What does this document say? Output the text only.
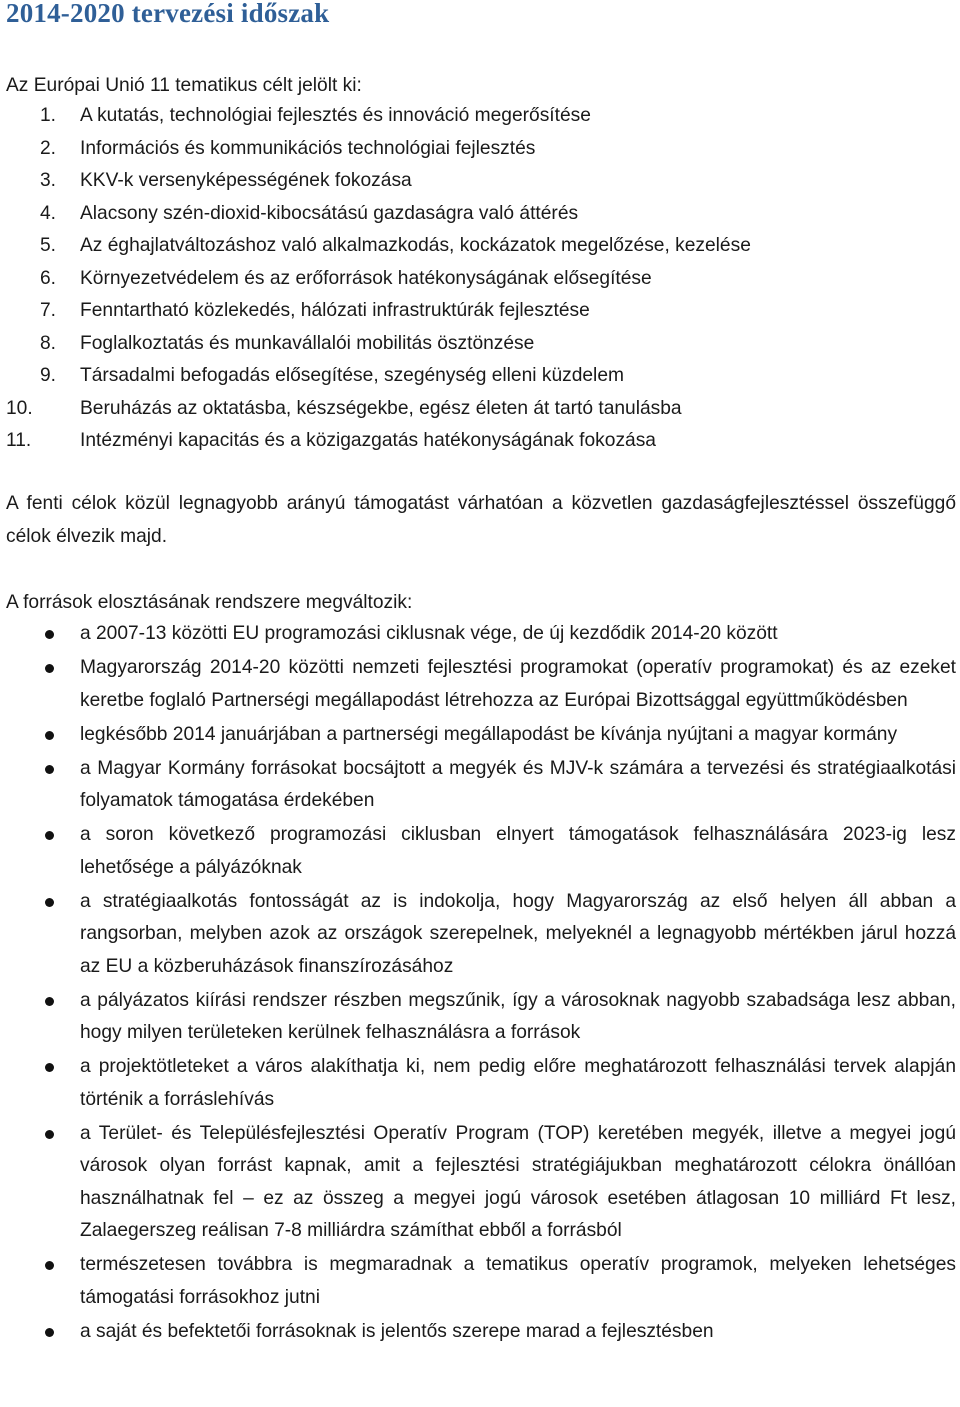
2014-2020 tervezési időszak
Az Európai Unió 11 tematikus célt jelölt ki:
1. A kutatás, technológiai fejlesztés és innováció megerősítése
2. Információs és kommunikációs technológiai fejlesztés
3. KKV-k versenyképességének fokozása
4. Alacsony szén-dioxid-kibocsátású gazdaságra való áttérés
5. Az éghajlatváltozáshoz való alkalmazkodás, kockázatok megelőzése, kezelése
6. Környezetvédelem és az erőforrások hatékonyságának elősegítése
7. Fenntartható közlekedés, hálózati infrastruktúrák fejlesztése
8. Foglalkoztatás és munkavállalói mobilitás ösztönzése
9. Társadalmi befogadás elősegítése, szegénység elleni küzdelem
10. Beruházás az oktatásba, készségekbe, egész életen át tartó tanulásba
11.	Intézményi kapacitás és a közigazgatás hatékonyságának fokozása

A fenti célok közül legnagyobb arányú támogatást várhatóan a közvetlen gazdaságfejlesztéssel összefüggő célok élvezik majd.

A források elosztásának rendszere megváltozik:

a 2007-13 közötti EU programozási ciklusnak vége, de új kezdődik 2014-20 között
Magyarország 2014-20 közötti nemzeti fejlesztési programokat (operatív programokat) és az ezeket keretbe foglaló Partnerségi megállapodást létrehozza az Európai Bizottsággal együttműködésben
legkésőbb 2014 januárjában a partnerségi megállapodást be kívánja nyújtani a magyar kormány
a Magyar Kormány forrásokat bocsájtott a megyék és MJV-k számára a tervezési és stratégiaalkotási folyamatok támogatása érdekében
a soron következő programozási ciklusban elnyert támogatások felhasználására 2023-ig lesz lehetősége a pályázóknak
a stratégiaalkotás fontosságát az is indokolja, hogy Magyarország az első helyen áll abban a rangsorban, melyben azok az országok szerepelnek, melyeknél a legnagyobb mértékben járul hozzá az EU a közberuházások finanszírozásához
a pályázatos kiírási rendszer részben megszűnik, így a városoknak nagyobb szabadsága lesz abban, hogy milyen területeken kerülnek felhasználásra a források
a projektötleteket a város alakíthatja ki, nem pedig előre meghatározott felhasználási tervek alapján történik a forráslehívás
a Terület- és Településfejlesztési Operatív Program (TOP) keretében megyék, illetve a megyei jogú városok olyan forrást kapnak, amit a fejlesztési stratégiájukban meghatározott célokra önállóan használhatnak fel – ez az összeg a megyei jogú városok esetében átlagosan 10 milliárd Ft lesz, Zalaegerszeg reálisan 7-8 milliárdra számíthat ebből a forrásból
természetesen továbbra is megmaradnak a tematikus operatív programok, melyeken lehetséges támogatási forrásokhoz jutni
a saját és befektetői forrásoknak is jelentős szerepe marad a fejlesztésben
